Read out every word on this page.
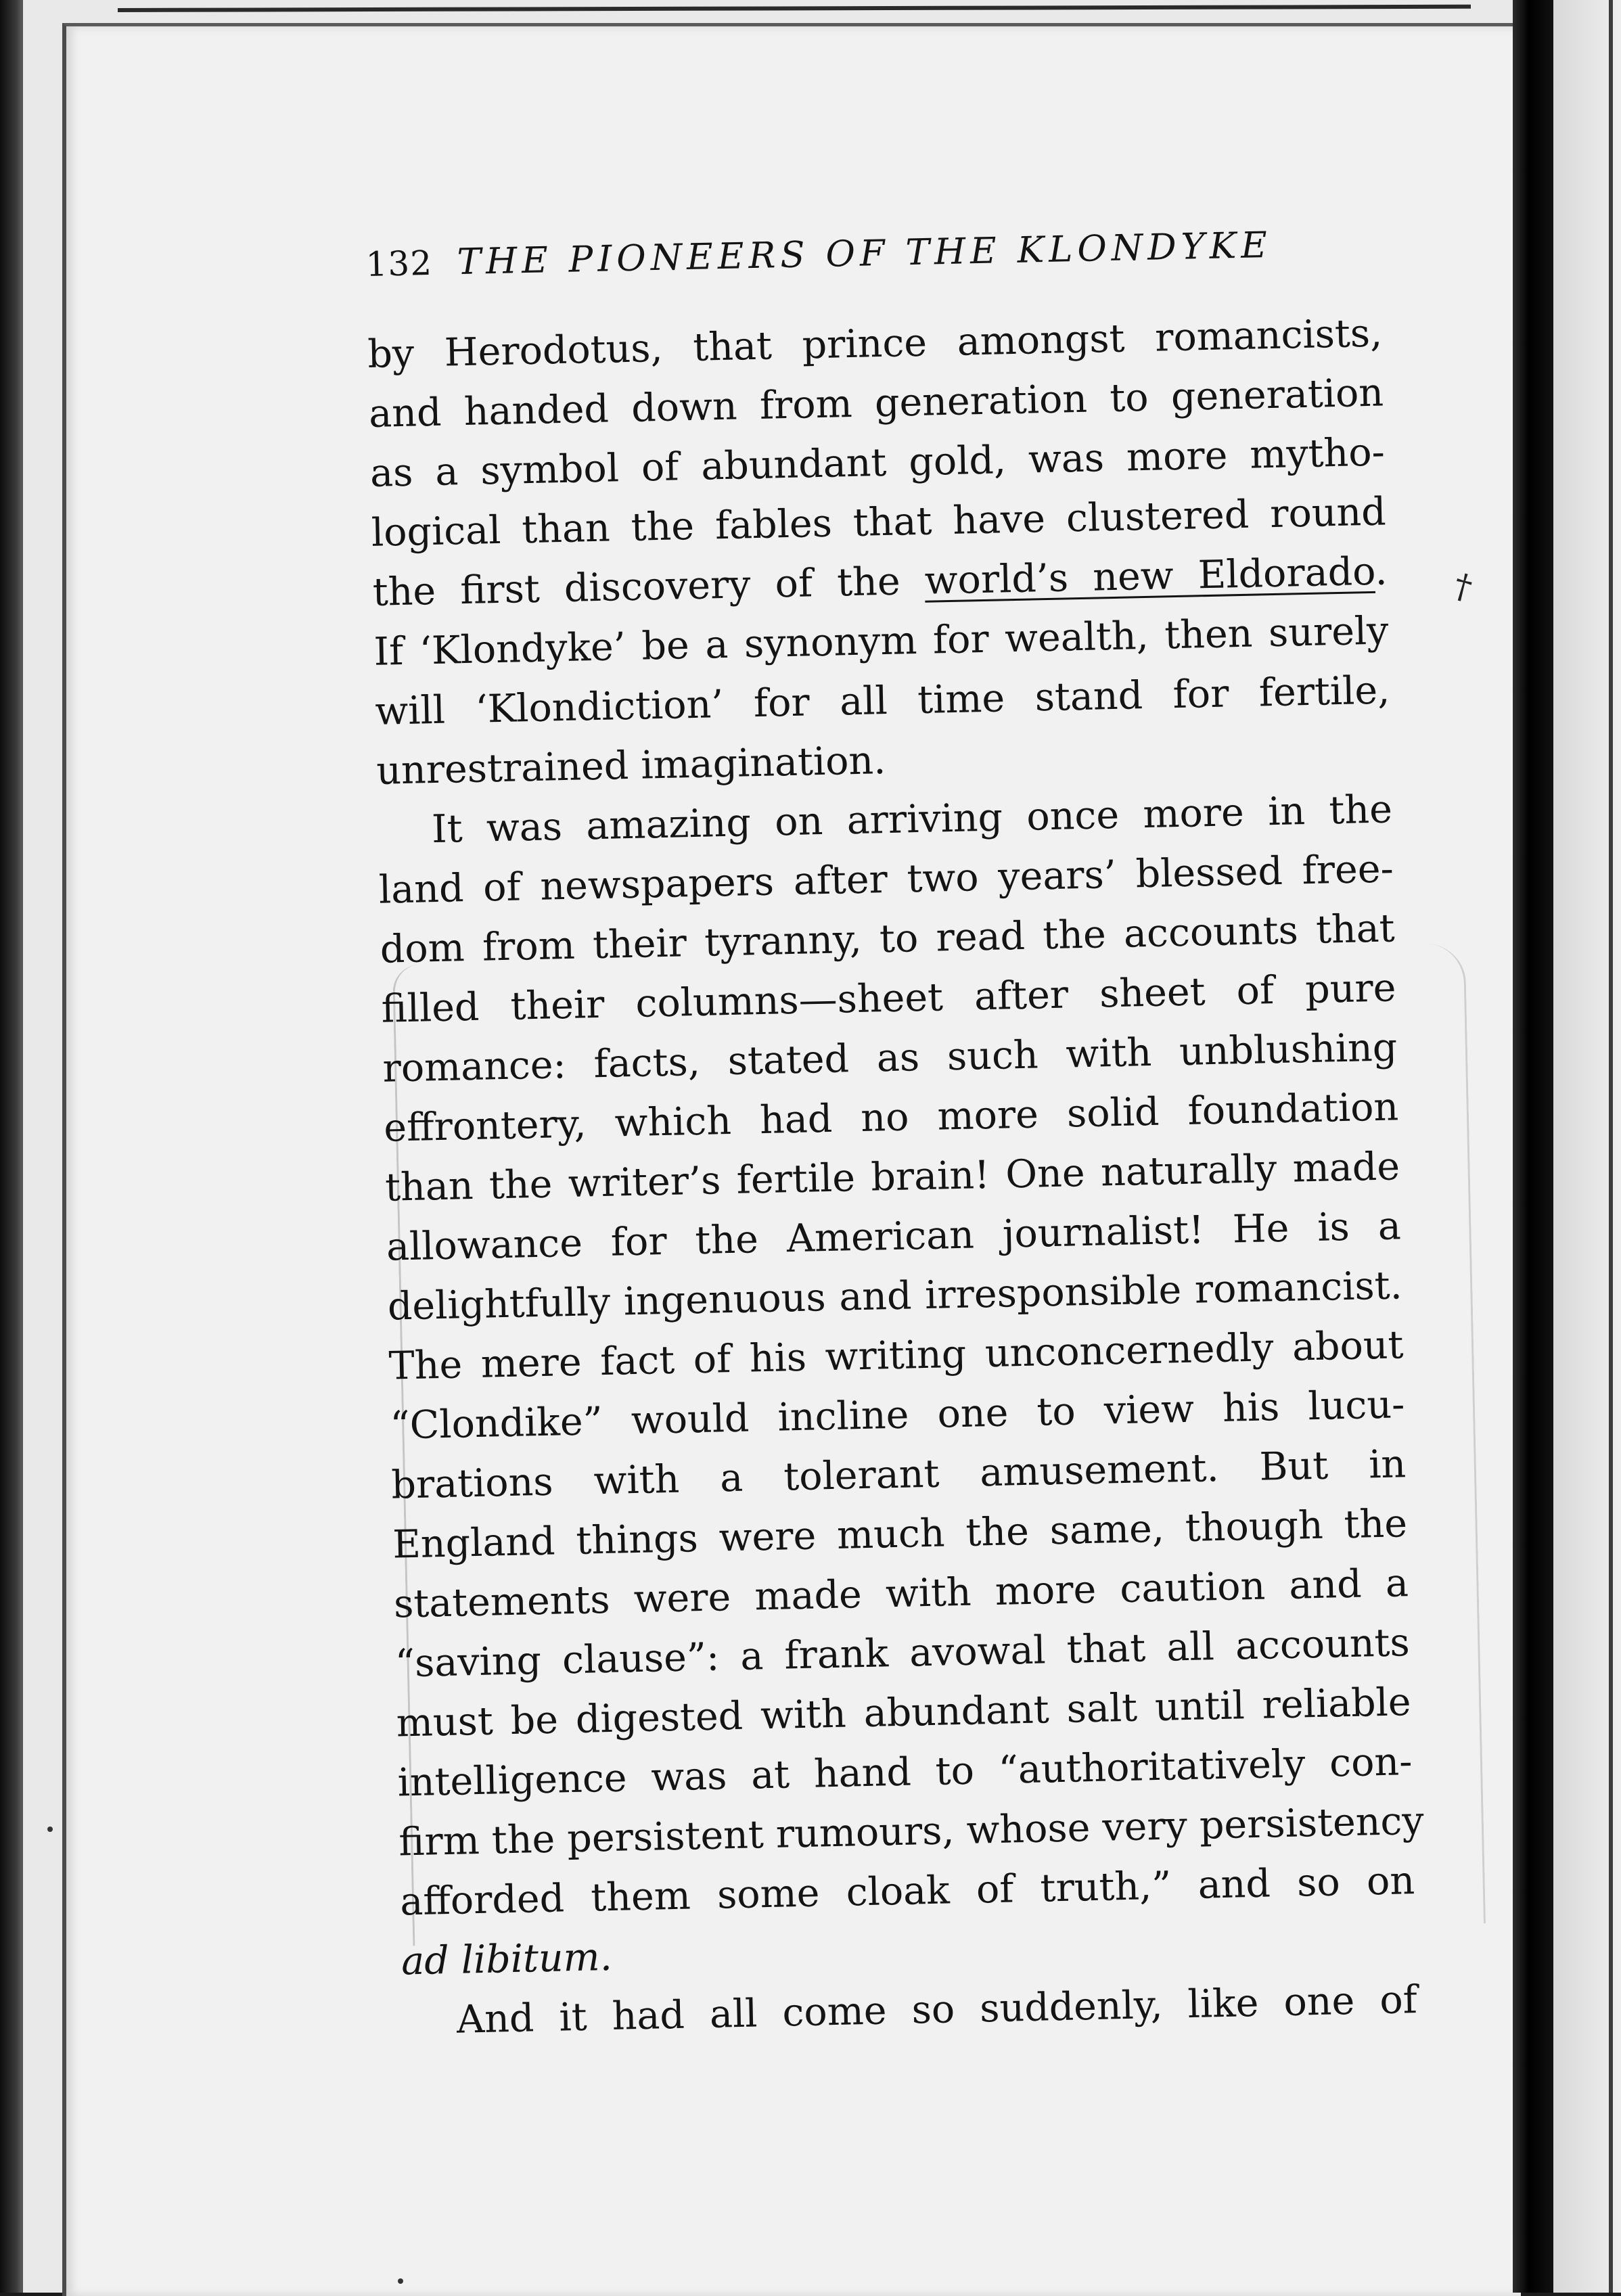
132 THE PIONEERS OF THE KLONDYKE
by Herodotus, that prince amongst romancists,
and handed down from generation to generation
as a symbol of abundant gold, was more mytho-
logical than the fables that have clustered round
the first discovery of the world’s new Eldorado.
If ‘Klondyke’ be a synonym for wealth, then surely
will ‘Klondiction’ for all time stand for fertile,
unrestrained imagination.
It was amazing on arriving once more in the
land of newspapers after two years’ blessed free-
dom from their tyranny, to read the accounts that
filled their columns—sheet after sheet of pure
romance: facts, stated as such with unblushing
effrontery, which had no more solid foundation
than the writer’s fertile brain! One naturally made
allowance for the American journalist! He is a
delightfully ingenuous and irresponsible romancist.
The mere fact of his writing unconcernedly about
“Clondike” would incline one to view his lucu-
brations with a tolerant amusement. But in
England things were much the same, though the
statements were made with more caution and a
“saving clause”: a frank avowal that all accounts
must be digested with abundant salt until reliable
intelligence was at hand to “authoritatively con-
firm the persistent rumours, whose very persistency
afforded them some cloak of truth,” and so on
ad libitum.
And it had all come so suddenly, like one of
†
